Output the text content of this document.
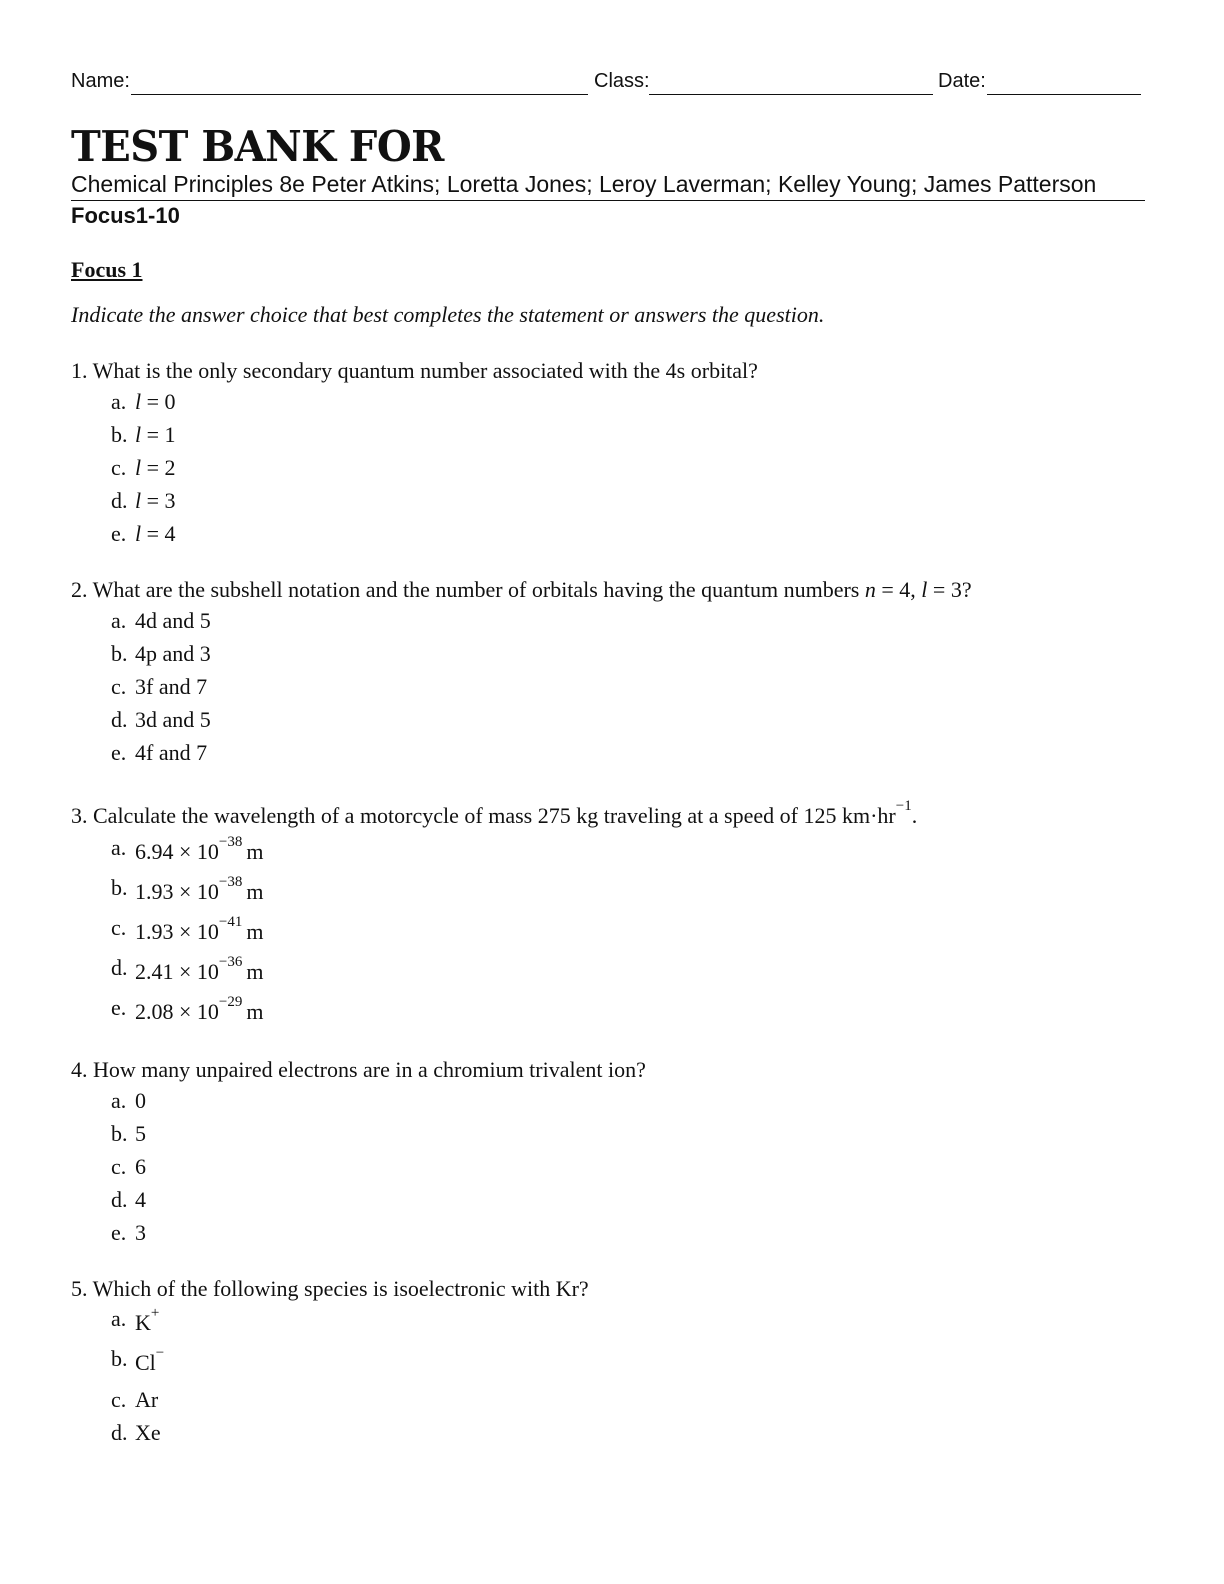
Name:	Class:	Date:
TEST BANK FOR
Chemical Principles 8e Peter Atkins; Loretta Jones; Leroy Laverman; Kelley Young; James Patterson
Focus1-10
Focus 1
Indicate the answer choice that best completes the statement or answers the question.
1. What is the only secondary quantum number associated with the 4s orbital?
a. l = 0
b. l = 1
c. l = 2
d. l = 3
e. l = 4
2. What are the subshell notation and the number of orbitals having the quantum numbers n = 4, l = 3?
a. 4d and 5
b. 4p and 3
c. 3f and 7
d. 3d and 5
e. 4f and 7
3. Calculate the wavelength of a motorcycle of mass 275 kg traveling at a speed of 125 $km\cdot hr^{-1}$.
a. $6.94 \times 10^{-38}$ m
b. $1.93 \times 10^{-38}$ m
c. $1.93 \times 10^{-41}$ m
d. $2.41 \times 10^{-36}$ m
e. $2.08 \times 10^{-29}$ m
4. How many unpaired electrons are in a chromium trivalent ion?
a. 0
b. 5
c. 6
d. 4
e. 3
5. Which of the following species is isoelectronic with Kr?
a. K+
b. Cl−
c. Ar
d. Xe
